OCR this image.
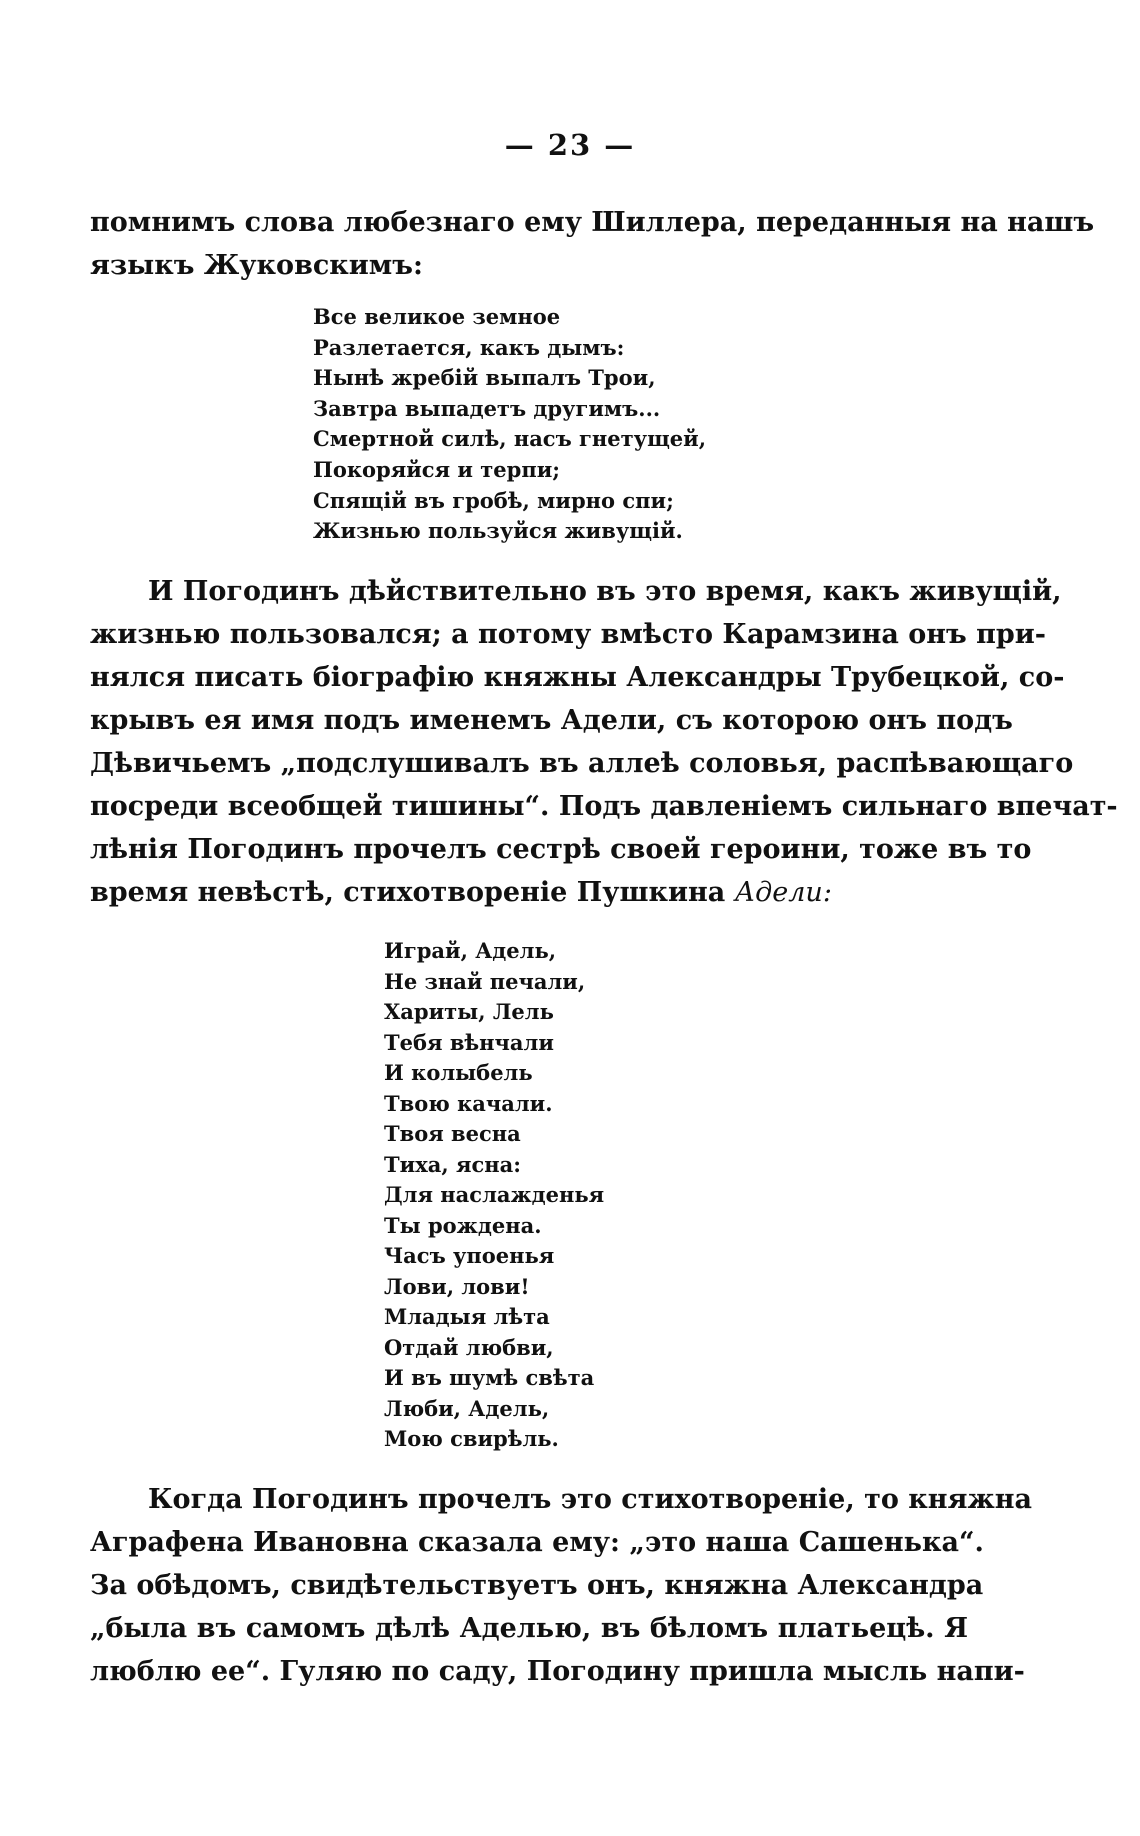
— 23 —
помнимъ слова любезнаго ему Шиллера, переданныя на нашъ
языкъ Жуковскимъ:
Все великое земное
Разлетается, какъ дымъ:
Нынѣ жребій выпалъ Трои,
Завтра выпадетъ другимъ...
Смертной силѣ, насъ гнетущей,
Покоряйся и терпи;
Спящій въ гробѣ, мирно спи;
Жизнью пользуйся живущій.
И Погодинъ дѣйствительно въ это время, какъ живущій,
жизнью пользовался; а потому вмѣсто Карамзина онъ при-
нялся писать біографію княжны Александры Трубецкой, со-
крывъ ея имя подъ именемъ Адели, съ которою онъ подъ
Дѣвичьемъ „подслушивалъ въ аллеѣ соловья, распѣвающаго
посреди всеобщей тишины“. Подъ давленіемъ сильнаго впечат-
лѣнія Погодинъ прочелъ сестрѣ своей героини, тоже въ то
время невѣстѣ, стихотвореніе Пушкина Адели:
Играй, Адель,
Не знай печали,
Хариты, Лель
Тебя вѣнчали
И колыбель
Твою качали.
Твоя весна
Тиха, ясна:
Для наслажденья
Ты рождена.
Часъ упоенья
Лови, лови!
Младыя лѣта
Отдай любви,
И въ шумѣ свѣта
Люби, Адель,
Мою свирѣль.
Когда Погодинъ прочелъ это стихотвореніе, то княжна
Аграфена Ивановна сказала ему: „это наша Сашенька“.
За обѣдомъ, свидѣтельствуетъ онъ, княжна Александра
„была въ самомъ дѣлѣ Аделью, въ бѣломъ платьецѣ. Я
люблю ее“. Гуляю по саду, Погодину пришла мысль напи-
